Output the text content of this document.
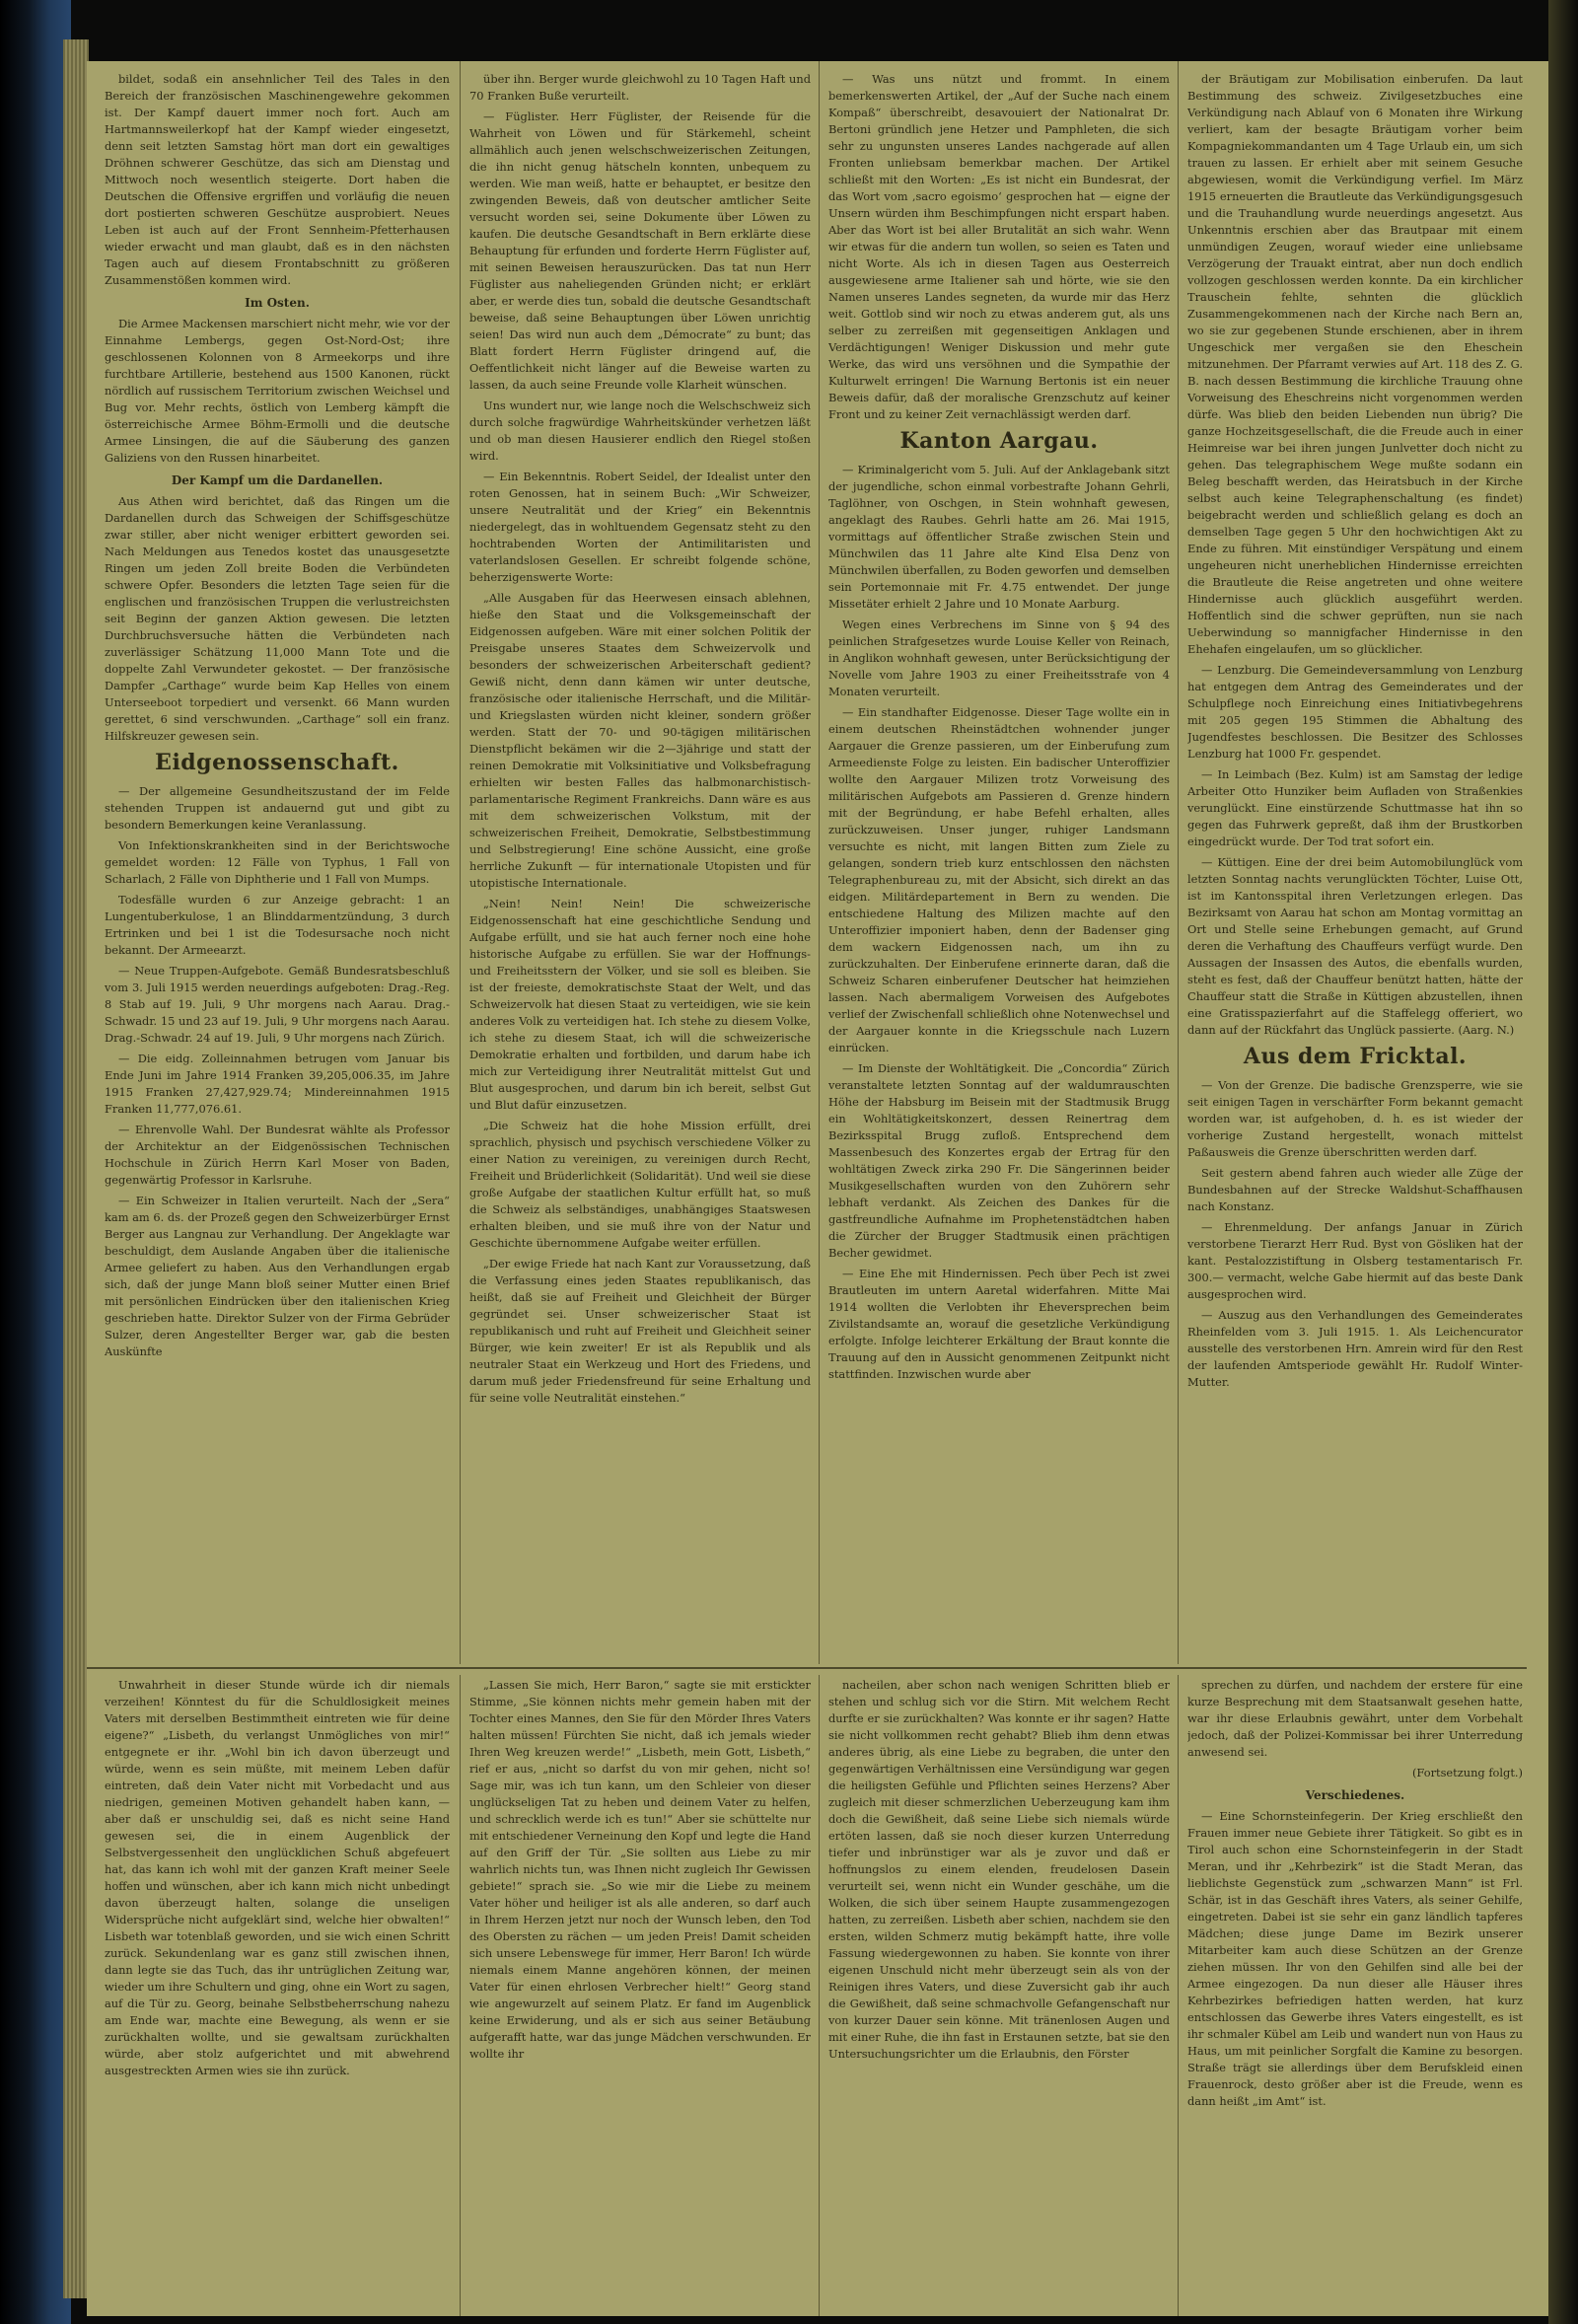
bildet, sodaß ein ansehnlicher Teil des Tales in den Bereich der französischen Maschinengewehre gekommen ist. Der Kampf dauert immer noch fort. Auch am Hartmannsweilerkopf hat der Kampf wieder eingesetzt, denn seit letzten Samstag hört man dort ein gewaltiges Dröhnen schwerer Geschütze, das sich am Dienstag und Mittwoch noch wesentlich steigerte. Dort haben die Deutschen die Offensive ergriffen und vorläufig die neuen dort postierten schweren Geschütze ausprobiert. Neues Leben ist auch auf der Front Sennheim-Pfetterhausen wieder erwacht und man glaubt, daß es in den nächsten Tagen auch auf diesem Frontabschnitt zu größeren Zusammenstößen kommen wird.

Im Osten.

Die Armee Mackensen marschiert nicht mehr, wie vor der Einnahme Lembergs, gegen Ost-Nord-Ost; ihre geschlossenen Kolonnen von 8 Armeekorps und ihre furchtbare Artillerie, bestehend aus 1500 Kanonen, rückt nördlich auf russischem Territorium zwischen Weichsel und Bug vor. Mehr rechts, östlich von Lemberg kämpft die österreichische Armee Böhm-Ermolli und die deutsche Armee Linsingen, die auf die Säuberung des ganzen Galiziens von den Russen hinarbeitet.

Der Kampf um die Dardanellen.

Aus Athen wird berichtet, daß das Ringen um die Dardanellen durch das Schweigen der Schiffsgeschütze zwar stiller, aber nicht weniger erbittert geworden sei. Nach Meldungen aus Tenedos kostet das unausgesetzte Ringen um jeden Zoll breite Boden die Verbündeten schwere Opfer. Besonders die letzten Tage seien für die englischen und französischen Truppen die verlustreichsten seit Beginn der ganzen Aktion gewesen. Die letzten Durchbruchsversuche hätten die Verbündeten nach zuverlässiger Schätzung 11,000 Mann Tote und die doppelte Zahl Verwundeter gekostet. — Der französische Dampfer „Carthage“ wurde beim Kap Helles von einem Unterseeboot torpediert und versenkt. 66 Mann wurden gerettet, 6 sind verschwunden. „Carthage“ soll ein franz. Hilfskreuzer gewesen sein.

Eidgenossenschaft.

— Der allgemeine Gesundheitszustand der im Felde stehenden Truppen ist andauernd gut und gibt zu besondern Bemerkungen keine Veranlassung.

Von Infektionskrankheiten sind in der Berichtswoche gemeldet worden: 12 Fälle von Typhus, 1 Fall von Scharlach, 2 Fälle von Diphtherie und 1 Fall von Mumps.

Todesfälle wurden 6 zur Anzeige gebracht: 1 an Lungentuberkulose, 1 an Blinddarmentzündung, 3 durch Ertrinken und bei 1 ist die Todesursache noch nicht bekannt. Der Armeearzt.

— Neue Truppen-Aufgebote. Gemäß Bundesratsbeschluß vom 3. Juli 1915 werden neuerdings aufgeboten: Drag.-Reg. 8 Stab auf 19. Juli, 9 Uhr morgens nach Aarau. Drag.-Schwadr. 15 und 23 auf 19. Juli, 9 Uhr morgens nach Aarau. Drag.-Schwadr. 24 auf 19. Juli, 9 Uhr morgens nach Zürich.

— Die eidg. Zolleinnahmen betrugen vom Januar bis Ende Juni im Jahre 1914 Franken 39,205,006.35, im Jahre 1915 Franken 27,427,929.74; Mindereinnahmen 1915 Franken 11,777,076.61.

— Ehrenvolle Wahl. Der Bundesrat wählte als Professor der Architektur an der Eidgenössischen Technischen Hochschule in Zürich Herrn Karl Moser von Baden, gegenwärtig Professor in Karlsruhe.

— Ein Schweizer in Italien verurteilt. Nach der „Sera“ kam am 6. ds. der Prozeß gegen den Schweizerbürger Ernst Berger aus Langnau zur Verhandlung. Der Angeklagte war beschuldigt, dem Auslande Angaben über die italienische Armee geliefert zu haben. Aus den Verhandlungen ergab sich, daß der junge Mann bloß seiner Mutter einen Brief mit persönlichen Eindrücken über den italienischen Krieg geschrieben hatte. Direktor Sulzer von der Firma Gebrüder Sulzer, deren Angestellter Berger war, gab die besten Auskünfte

über ihn. Berger wurde gleichwohl zu 10 Tagen Haft und 70 Franken Buße verurteilt.

— Füglister. Herr Füglister, der Reisende für die Wahrheit von Löwen und für Stärkemehl, scheint allmählich auch jenen welschschweizerischen Zeitungen, die ihn nicht genug hätscheln konnten, unbequem zu werden. Wie man weiß, hatte er behauptet, er besitze den zwingenden Beweis, daß von deutscher amtlicher Seite versucht worden sei, seine Dokumente über Löwen zu kaufen. Die deutsche Gesandtschaft in Bern erklärte diese Behauptung für erfunden und forderte Herrn Füglister auf, mit seinen Beweisen herauszurücken. Das tat nun Herr Füglister aus naheliegenden Gründen nicht; er erklärt aber, er werde dies tun, sobald die deutsche Gesandtschaft beweise, daß seine Behauptungen über Löwen unrichtig seien! Das wird nun auch dem „Démocrate“ zu bunt; das Blatt fordert Herrn Füglister dringend auf, die Oeffentlichkeit nicht länger auf die Beweise warten zu lassen, da auch seine Freunde volle Klarheit wünschen.

Uns wundert nur, wie lange noch die Welschschweiz sich durch solche fragwürdige Wahrheitskünder verhetzen läßt und ob man diesen Hausierer endlich den Riegel stoßen wird.

— Ein Bekenntnis. Robert Seidel, der Idealist unter den roten Genossen, hat in seinem Buch: „Wir Schweizer, unsere Neutralität und der Krieg“ ein Bekenntnis niedergelegt, das in wohltuendem Gegensatz steht zu den hochtrabenden Worten der Antimilitaristen und vaterlandslosen Gesellen. Er schreibt folgende schöne, beherzigenswerte Worte:

„Alle Ausgaben für das Heerwesen einsach ablehnen, hieße den Staat und die Volksgemeinschaft der Eidgenossen aufgeben. Wäre mit einer solchen Politik der Preisgabe unseres Staates dem Schweizervolk und besonders der schweizerischen Arbeiterschaft gedient? Gewiß nicht, denn dann kämen wir unter deutsche, französische oder italienische Herrschaft, und die Militär- und Kriegslasten würden nicht kleiner, sondern größer werden. Statt der 70- und 90-tägigen militärischen Dienstpflicht bekämen wir die 2—3jährige und statt der reinen Demokratie mit Volksinitiative und Volksbefragung erhielten wir besten Falles das halbmonarchistisch-parlamentarische Regiment Frankreichs. Dann wäre es aus mit dem schweizerischen Volkstum, mit der schweizerischen Freiheit, Demokratie, Selbstbestimmung und Selbstregierung! Eine schöne Aussicht, eine große herrliche Zukunft — für internationale Utopisten und für utopistische Internationale.

„Nein! Nein! Nein! Die schweizerische Eidgenossenschaft hat eine geschichtliche Sendung und Aufgabe erfüllt, und sie hat auch ferner noch eine hohe historische Aufgabe zu erfüllen. Sie war der Hoffnungs- und Freiheitsstern der Völker, und sie soll es bleiben. Sie ist der freieste, demokratischste Staat der Welt, und das Schweizervolk hat diesen Staat zu verteidigen, wie sie kein anderes Volk zu verteidigen hat. Ich stehe zu diesem Volke, ich stehe zu diesem Staat, ich will die schweizerische Demokratie erhalten und fortbilden, und darum habe ich mich zur Verteidigung ihrer Neutralität mittelst Gut und Blut ausgesprochen, und darum bin ich bereit, selbst Gut und Blut dafür einzusetzen.

„Die Schweiz hat die hohe Mission erfüllt, drei sprachlich, physisch und psychisch verschiedene Völker zu einer Nation zu vereinigen, zu vereinigen durch Recht, Freiheit und Brüderlichkeit (Solidarität). Und weil sie diese große Aufgabe der staatlichen Kultur erfüllt hat, so muß die Schweiz als selbständiges, unabhängiges Staatswesen erhalten bleiben, und sie muß ihre von der Natur und Geschichte übernommene Aufgabe weiter erfüllen.

„Der ewige Friede hat nach Kant zur Voraussetzung, daß die Verfassung eines jeden Staates republikanisch, das heißt, daß sie auf Freiheit und Gleichheit der Bürger gegründet sei. Unser schweizerischer Staat ist republikanisch und ruht auf Freiheit und Gleichheit seiner Bürger, wie kein zweiter! Er ist als Republik und als neutraler Staat ein Werkzeug und Hort des Friedens, und darum muß jeder Friedensfreund für seine Erhaltung und für seine volle Neutralität einstehen.“

— Was uns nützt und frommt. In einem bemerkenswerten Artikel, der „Auf der Suche nach einem Kompaß“ überschreibt, desavouiert der Nationalrat Dr. Bertoni gründlich jene Hetzer und Pamphleten, die sich sehr zu ungunsten unseres Landes nachgerade auf allen Fronten unliebsam bemerkbar machen. Der Artikel schließt mit den Worten: „Es ist nicht ein Bundesrat, der das Wort vom ‚sacro egoismo‘ gesprochen hat — eigne der Unsern würden ihm Beschimpfungen nicht erspart haben. Aber das Wort ist bei aller Brutalität an sich wahr. Wenn wir etwas für die andern tun wollen, so seien es Taten und nicht Worte. Als ich in diesen Tagen aus Oesterreich ausgewiesene arme Italiener sah und hörte, wie sie den Namen unseres Landes segneten, da wurde mir das Herz weit. Gottlob sind wir noch zu etwas anderem gut, als uns selber zu zerreißen mit gegenseitigen Anklagen und Verdächtigungen! Weniger Diskussion und mehr gute Werke, das wird uns versöhnen und die Sympathie der Kulturwelt erringen! Die Warnung Bertonis ist ein neuer Beweis dafür, daß der moralische Grenzschutz auf keiner Front und zu keiner Zeit vernachlässigt werden darf.

Kanton Aargau.

— Kriminalgericht vom 5. Juli. Auf der Anklagebank sitzt der jugendliche, schon einmal vorbestrafte Johann Gehrli, Taglöhner, von Oschgen, in Stein wohnhaft gewesen, angeklagt des Raubes. Gehrli hatte am 26. Mai 1915, vormittags auf öffentlicher Straße zwischen Stein und Münchwilen das 11 Jahre alte Kind Elsa Denz von Münchwilen überfallen, zu Boden geworfen und demselben sein Portemonnaie mit Fr. 4.75 entwendet. Der junge Missetäter erhielt 2 Jahre und 10 Monate Aarburg.

Wegen eines Verbrechens im Sinne von § 94 des peinlichen Strafgesetzes wurde Louise Keller von Reinach, in Anglikon wohnhaft gewesen, unter Berücksichtigung der Novelle vom Jahre 1903 zu einer Freiheitsstrafe von 4 Monaten verurteilt.

— Ein standhafter Eidgenosse. Dieser Tage wollte ein in einem deutschen Rheinstädtchen wohnender junger Aargauer die Grenze passieren, um der Einberufung zum Armeedienste Folge zu leisten. Ein badischer Unteroffizier wollte den Aargauer Milizen trotz Vorweisung des militärischen Aufgebots am Passieren d. Grenze hindern mit der Begründung, er habe Befehl erhalten, alles zurückzuweisen. Unser junger, ruhiger Landsmann versuchte es nicht, mit langen Bitten zum Ziele zu gelangen, sondern trieb kurz entschlossen den nächsten Telegraphenbureau zu, mit der Absicht, sich direkt an das eidgen. Militärdepartement in Bern zu wenden. Die entschiedene Haltung des Milizen machte auf den Unteroffizier imponiert haben, denn der Badenser ging dem wackern Eidgenossen nach, um ihn zu zurückzuhalten. Der Einberufene erinnerte daran, daß die Schweiz Scharen einberufener Deutscher hat heimziehen lassen. Nach abermaligem Vorweisen des Aufgebotes verlief der Zwischenfall schließlich ohne Notenwechsel und der Aargauer konnte in die Kriegsschule nach Luzern einrücken.

— Im Dienste der Wohltätigkeit. Die „Concordia“ Zürich veranstaltete letzten Sonntag auf der waldumrauschten Höhe der Habsburg im Beisein mit der Stadtmusik Brugg ein Wohltätigkeitskonzert, dessen Reinertrag dem Bezirksspital Brugg zufloß. Entsprechend dem Massenbesuch des Konzertes ergab der Ertrag für den wohltätigen Zweck zirka 290 Fr. Die Sängerinnen beider Musikgesellschaften wurden von den Zuhörern sehr lebhaft verdankt. Als Zeichen des Dankes für die gastfreundliche Aufnahme im Prophetenstädtchen haben die Zürcher der Brugger Stadtmusik einen prächtigen Becher gewidmet.

— Eine Ehe mit Hindernissen. Pech über Pech ist zwei Brautleuten im untern Aaretal widerfahren. Mitte Mai 1914 wollten die Verlobten ihr Eheversprechen beim Zivilstandsamte an, worauf die gesetzliche Verkündigung erfolgte. Infolge leichterer Erkältung der Braut konnte die Trauung auf den in Aussicht genommenen Zeitpunkt nicht stattfinden. Inzwischen wurde aber

der Bräutigam zur Mobilisation einberufen. Da laut Bestimmung des schweiz. Zivilgesetzbuches eine Verkündigung nach Ablauf von 6 Monaten ihre Wirkung verliert, kam der besagte Bräutigam vorher beim Kompagniekommandanten um 4 Tage Urlaub ein, um sich trauen zu lassen. Er erhielt aber mit seinem Gesuche abgewiesen, womit die Verkündigung verfiel. Im März 1915 erneuerten die Brautleute das Verkündigungsgesuch und die Trauhandlung wurde neuerdings angesetzt. Aus Unkenntnis erschien aber das Brautpaar mit einem unmündigen Zeugen, worauf wieder eine unliebsame Verzögerung der Trauakt eintrat, aber nun doch endlich vollzogen geschlossen werden konnte. Da ein kirchlicher Trauschein fehlte, sehnten die glücklich Zusammengekommenen nach der Kirche nach Bern an, wo sie zur gegebenen Stunde erschienen, aber in ihrem Ungeschick mer vergaßen sie den Eheschein mitzunehmen. Der Pfarramt verwies auf Art. 118 des Z. G. B. nach dessen Bestimmung die kirchliche Trauung ohne Vorweisung des Eheschreins nicht vorgenommen werden dürfe. Was blieb den beiden Liebenden nun übrig? Die ganze Hochzeitsgesellschaft, die die Freude auch in einer Heimreise war bei ihren jungen Junlvetter doch nicht zu gehen. Das telegraphischem Wege mußte sodann ein Beleg beschafft werden, das Heiratsbuch in der Kirche selbst auch keine Telegraphenschaltung (es findet) beigebracht werden und schließlich gelang es doch an demselben Tage gegen 5 Uhr den hochwichtigen Akt zu Ende zu führen. Mit einstündiger Verspätung und einem ungeheuren nicht unerheblichen Hindernisse erreichten die Brautleute die Reise angetreten und ohne weitere Hindernisse auch glücklich ausgeführt werden. Hoffentlich sind die schwer geprüften, nun sie nach Ueberwindung so mannigfacher Hindernisse in den Ehehafen eingelaufen, um so glücklicher.

— Lenzburg. Die Gemeindeversammlung von Lenzburg hat entgegen dem Antrag des Gemeinderates und der Schulpflege noch Einreichung eines Initiativbegehrens mit 205 gegen 195 Stimmen die Abhaltung des Jugendfestes beschlossen. Die Besitzer des Schlosses Lenzburg hat 1000 Fr. gespendet.

— In Leimbach (Bez. Kulm) ist am Samstag der ledige Arbeiter Otto Hunziker beim Aufladen von Straßenkies verunglückt. Eine einstürzende Schuttmasse hat ihn so gegen das Fuhrwerk gepreßt, daß ihm der Brustkorben eingedrückt wurde. Der Tod trat sofort ein.

— Küttigen. Eine der drei beim Automobilunglück vom letzten Sonntag nachts verunglückten Töchter, Luise Ott, ist im Kantonsspital ihren Verletzungen erlegen. Das Bezirksamt von Aarau hat schon am Montag vormittag an Ort und Stelle seine Erhebungen gemacht, auf Grund deren die Verhaftung des Chauffeurs verfügt wurde. Den Aussagen der Insassen des Autos, die ebenfalls wurden, steht es fest, daß der Chauffeur benützt hatten, hätte der Chauffeur statt die Straße in Küttigen abzustellen, ihnen eine Gratisspazierfahrt auf die Staffelegg offeriert, wo dann auf der Rückfahrt das Unglück passierte. (Aarg. N.)

Aus dem Fricktal.

— Von der Grenze. Die badische Grenzsperre, wie sie seit einigen Tagen in verschärfter Form bekannt gemacht worden war, ist aufgehoben, d. h. es ist wieder der vorherige Zustand hergestellt, wonach mittelst Paßausweis die Grenze überschritten werden darf.

Seit gestern abend fahren auch wieder alle Züge der Bundesbahnen auf der Strecke Waldshut-Schaffhausen nach Konstanz.

— Ehrenmeldung. Der anfangs Januar in Zürich verstorbene Tierarzt Herr Rud. Byst von Gösliken hat der kant. Pestalozzistiftung in Olsberg testamentarisch Fr. 300.— vermacht, welche Gabe hiermit auf das beste Dank ausgesprochen wird.

— Auszug aus den Verhandlungen des Gemeinderates Rheinfelden vom 3. Juli 1915. 1. Als Leichencurator ausstelle des verstorbenen Hrn. Amrein wird für den Rest der laufenden Amtsperiode gewählt Hr. Rudolf Winter-Mutter.

Unwahrheit in dieser Stunde würde ich dir niemals verzeihen! Könntest du für die Schuldlosigkeit meines Vaters mit derselben Bestimmtheit eintreten wie für deine eigene?“ „Lisbeth, du verlangst Unmögliches von mir!“ entgegnete er ihr. „Wohl bin ich davon überzeugt und würde, wenn es sein müßte, mit meinem Leben dafür eintreten, daß dein Vater nicht mit Vorbedacht und aus niedrigen, gemeinen Motiven gehandelt haben kann, — aber daß er unschuldig sei, daß es nicht seine Hand gewesen sei, die in einem Augenblick der Selbstvergessenheit den unglücklichen Schuß abgefeuert hat, das kann ich wohl mit der ganzen Kraft meiner Seele hoffen und wünschen, aber ich kann mich nicht unbedingt davon überzeugt halten, solange die unseligen Widersprüche nicht aufgeklärt sind, welche hier obwalten!“ Lisbeth war totenblaß geworden, und sie wich einen Schritt zurück. Sekundenlang war es ganz still zwischen ihnen, dann legte sie das Tuch, das ihr untrüglichen Zeitung war, wieder um ihre Schultern und ging, ohne ein Wort zu sagen, auf die Tür zu. Georg, beinahe Selbstbeherrschung nahezu am Ende war, machte eine Bewegung, als wenn er sie zurückhalten wollte, und sie gewaltsam zurückhalten würde, aber stolz aufgerichtet und mit abwehrend ausgestreckten Armen wies sie ihn zurück.

„Lassen Sie mich, Herr Baron,“ sagte sie mit erstickter Stimme, „Sie können nichts mehr gemein haben mit der Tochter eines Mannes, den Sie für den Mörder Ihres Vaters halten müssen! Fürchten Sie nicht, daß ich jemals wieder Ihren Weg kreuzen werde!“ „Lisbeth, mein Gott, Lisbeth,“ rief er aus, „nicht so darfst du von mir gehen, nicht so! Sage mir, was ich tun kann, um den Schleier von dieser unglückseligen Tat zu heben und deinem Vater zu helfen, und schrecklich werde ich es tun!“ Aber sie schüttelte nur mit entschiedener Verneinung den Kopf und legte die Hand auf den Griff der Tür. „Sie sollten aus Liebe zu mir wahrlich nichts tun, was Ihnen nicht zugleich Ihr Gewissen gebiete!“ sprach sie. „So wie mir die Liebe zu meinem Vater höher und heiliger ist als alle anderen, so darf auch in Ihrem Herzen jetzt nur noch der Wunsch leben, den Tod des Obersten zu rächen — um jeden Preis! Damit scheiden sich unsere Lebenswege für immer, Herr Baron! Ich würde niemals einem Manne angehören können, der meinen Vater für einen ehrlosen Verbrecher hielt!“ Georg stand wie angewurzelt auf seinem Platz. Er fand im Augenblick keine Erwiderung, und als er sich aus seiner Betäubung aufgerafft hatte, war das junge Mädchen verschwunden. Er wollte ihr

nacheilen, aber schon nach wenigen Schritten blieb er stehen und schlug sich vor die Stirn. Mit welchem Recht durfte er sie zurückhalten? Was konnte er ihr sagen? Hatte sie nicht vollkommen recht gehabt? Blieb ihm denn etwas anderes übrig, als eine Liebe zu begraben, die unter den gegenwärtigen Verhältnissen eine Versündigung war gegen die heiligsten Gefühle und Pflichten seines Herzens? Aber zugleich mit dieser schmerzlichen Ueberzeugung kam ihm doch die Gewißheit, daß seine Liebe sich niemals würde ertöten lassen, daß sie noch dieser kurzen Unterredung tiefer und inbrünstiger war als je zuvor und daß er hoffnungslos zu einem elenden, freudelosen Dasein verurteilt sei, wenn nicht ein Wunder geschähe, um die Wolken, die sich über seinem Haupte zusammengezogen hatten, zu zerreißen. Lisbeth aber schien, nachdem sie den ersten, wilden Schmerz mutig bekämpft hatte, ihre volle Fassung wiedergewonnen zu haben. Sie konnte von ihrer eigenen Unschuld nicht mehr überzeugt sein als von der Reinigen ihres Vaters, und diese Zuversicht gab ihr auch die Gewißheit, daß seine schmachvolle Gefangenschaft nur von kurzer Dauer sein könne. Mit tränenlosen Augen und mit einer Ruhe, die ihn fast in Erstaunen setzte, bat sie den Untersuchungsrichter um die Erlaubnis, den Förster

sprechen zu dürfen, und nachdem der erstere für eine kurze Besprechung mit dem Staatsanwalt gesehen hatte, war ihr diese Erlaubnis gewährt, unter dem Vorbehalt jedoch, daß der Polizei-Kommissar bei ihrer Unterredung anwesend sei.

(Fortsetzung folgt.)
Verschiedenes.

— Eine Schornsteinfegerin. Der Krieg erschließt den Frauen immer neue Gebiete ihrer Tätigkeit. So gibt es in Tirol auch schon eine Schornsteinfegerin in der Stadt Meran, und ihr „Kehrbezirk“ ist die Stadt Meran, das lieblichste Gegenstück zum „schwarzen Mann“ ist Frl. Schär, ist in das Geschäft ihres Vaters, als seiner Gehilfe, eingetreten. Dabei ist sie sehr ein ganz ländlich tapferes Mädchen; diese junge Dame im Bezirk unserer Mitarbeiter kam auch diese Schützen an der Grenze ziehen müssen. Ihr von den Gehilfen sind alle bei der Armee eingezogen. Da nun dieser alle Häuser ihres Kehrbezirkes befriedigen hatten werden, hat kurz entschlossen das Gewerbe ihres Vaters eingestellt, es ist ihr schmaler Kübel am Leib und wandert nun von Haus zu Haus, um mit peinlicher Sorgfalt die Kamine zu besorgen. Straße trägt sie allerdings über dem Berufskleid einen Frauenrock, desto größer aber ist die Freude, wenn es dann heißt „im Amt“ ist.
